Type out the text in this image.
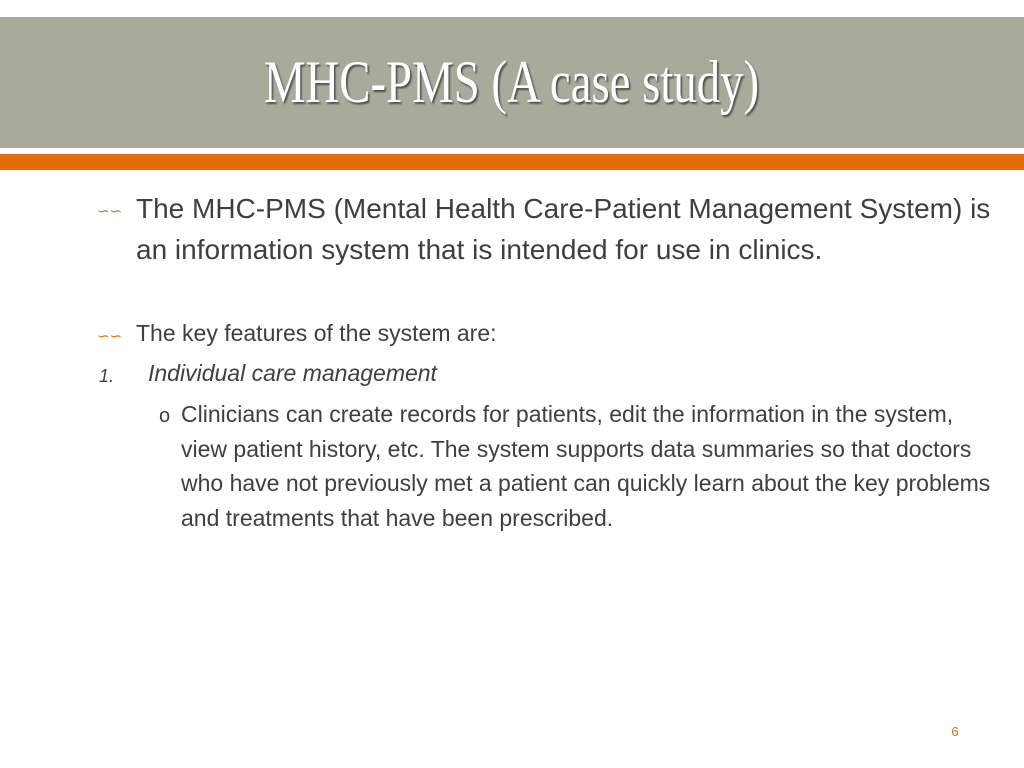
MHC-PMS (A case study)
∽∽ The MHC-PMS (Mental Health Care-Patient Management System) is an information system that is intended for use in clinics.
∽∽ The key features of the system are:
1. Individual care management
o Clinicians can create records for patients, edit the information in the system, view patient history, etc. The system supports data summaries so that doctors who have not previously met a patient can quickly learn about the key problems and treatments that have been prescribed.
6
